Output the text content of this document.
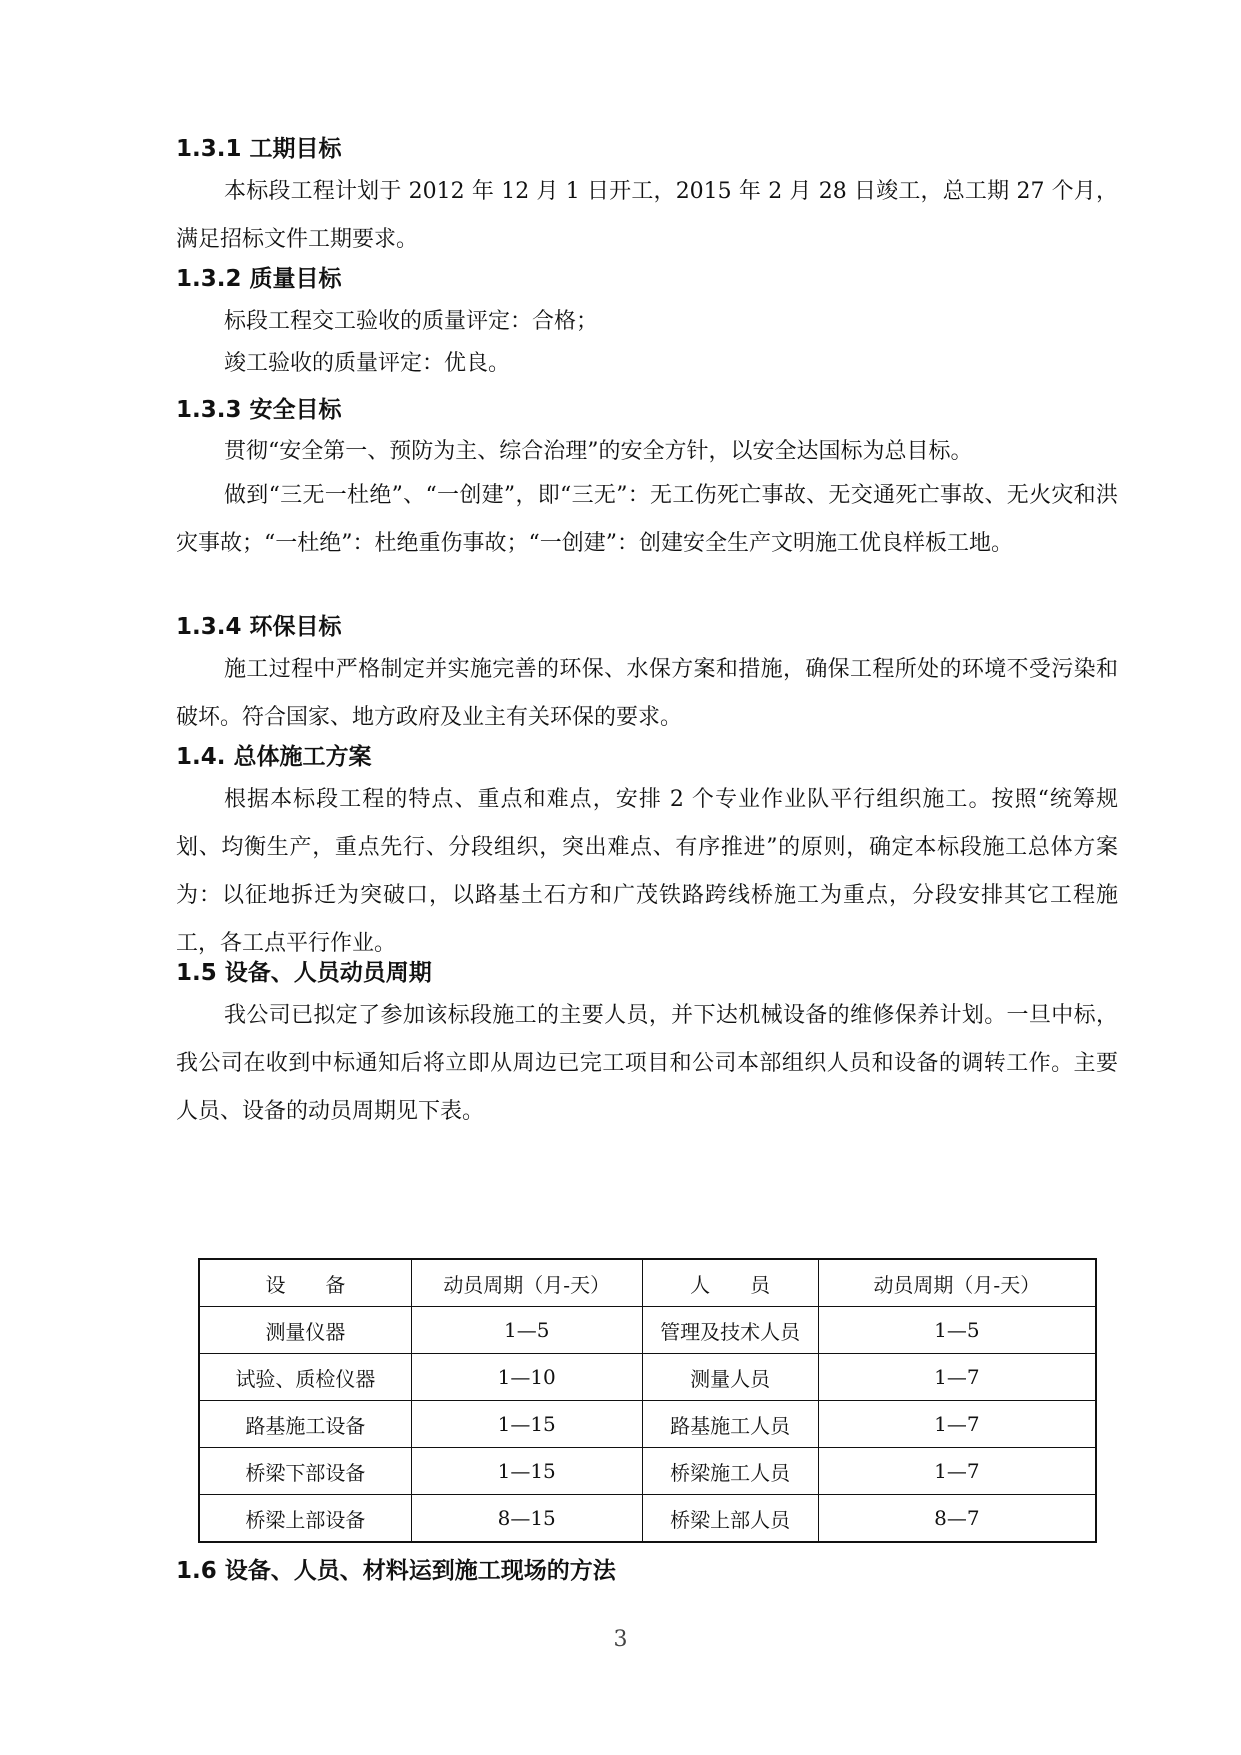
1.3.1 工期目标
本标段工程计划于 2012 年 12 月 1 日开工，2015 年 2 月 28 日竣工，总工期 27 个月，满足招标文件工期要求。
1.3.2 质量目标
标段工程交工验收的质量评定：合格；
竣工验收的质量评定：优良。
1.3.3 安全目标
贯彻“安全第一、预防为主、综合治理”的安全方针，以安全达国标为总目标。
做到“三无一杜绝”、“一创建”，即“三无”：无工伤死亡事故、无交通死亡事故、无火灾和洪灾事故；“一杜绝”：杜绝重伤事故；“一创建”：创建安全生产文明施工优良样板工地。
1.3.4 环保目标
施工过程中严格制定并实施完善的环保、水保方案和措施，确保工程所处的环境不受污染和破坏。符合国家、地方政府及业主有关环保的要求。
1.4. 总体施工方案
根据本标段工程的特点、重点和难点，安排 2 个专业作业队平行组织施工。按照“统筹规划、均衡生产，重点先行、分段组织，突出难点、有序推进”的原则，确定本标段施工总体方案为：以征地拆迁为突破口，以路基土石方和广茂铁路跨线桥施工为重点，分段安排其它工程施工，各工点平行作业。
1.5 设备、人员动员周期
我公司已拟定了参加该标段施工的主要人员，并下达机械设备的维修保养计划。一旦中标，我公司在收到中标通知后将立即从周边已完工项目和公司本部组织人员和设备的调转工作。主要人员、设备的动员周期见下表。
设　　备	动员周期（月-天）	人　　员	动员周期（月-天）
测量仪器	1—5	管理及技术人员	1—5
试验、质检仪器	1—10	测量人员	1—7
路基施工设备	1—15	路基施工人员	1—7
桥梁下部设备	1—15	桥梁施工人员	1—7
桥梁上部设备	8—15	桥梁上部人员	8—7
1.6 设备、人员、材料运到施工现场的方法
3
